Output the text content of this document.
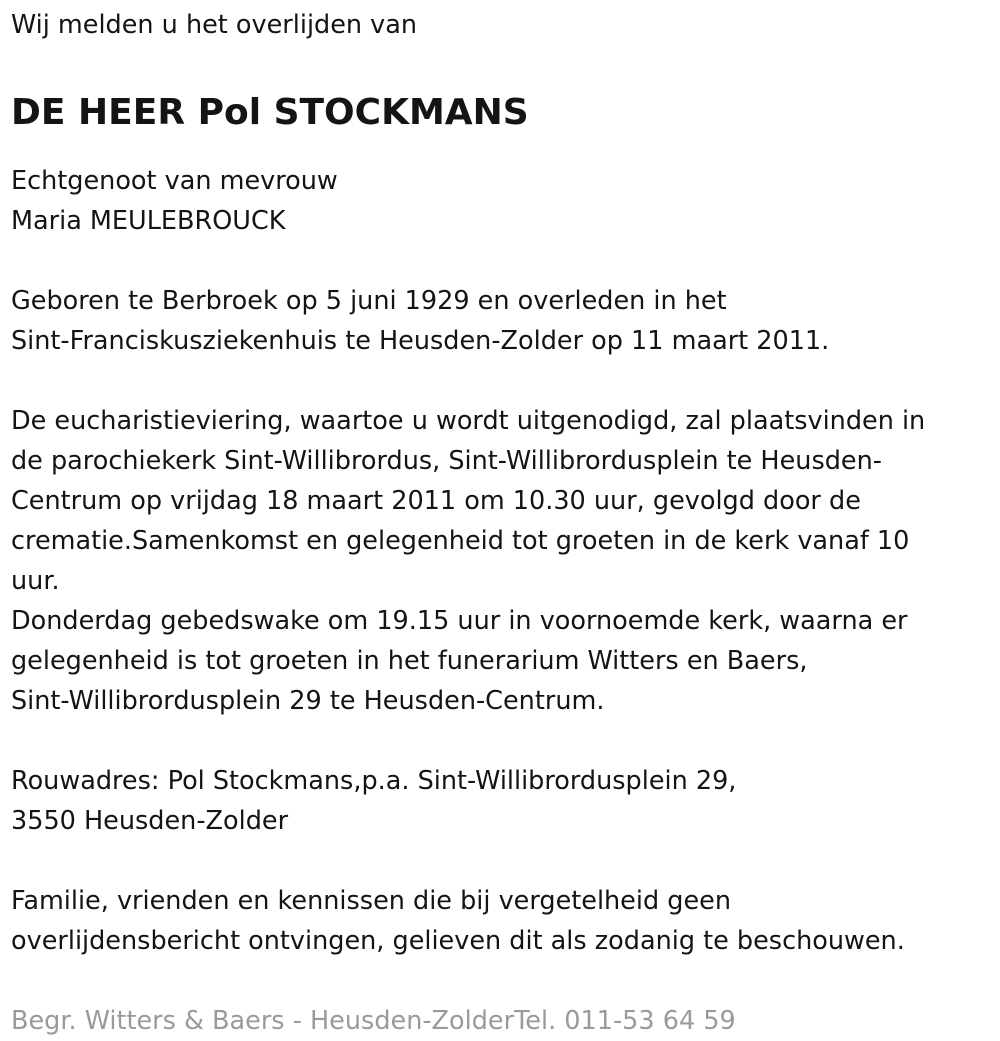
Wij melden u het overlijden van

DE HEER Pol STOCKMANS

Echtgenoot van mevrouw

Maria MEULEBROUCK

Geboren te Berbroek op 5 juni 1929 en overleden in het

Sint-Franciskusziekenhuis te Heusden-Zolder op 11 maart 2011.

De eucharistieviering, waartoe u wordt uitgenodigd, zal plaatsvinden in

de parochiekerk Sint-Willibrordus, Sint-Willibrordusplein te Heusden-

Centrum op vrijdag 18 maart 2011 om 10.30 uur, gevolgd door de

crematie.Samenkomst en gelegenheid tot groeten in de kerk vanaf 10

uur.

Donderdag gebedswake om 19.15 uur in voornoemde kerk, waarna er

gelegenheid is tot groeten in het funerarium Witters en Baers,

Sint-Willibrordusplein 29 te Heusden-Centrum.

Rouwadres: Pol Stockmans,p.a. Sint-Willibrordusplein 29,

3550 Heusden-Zolder

Familie, vrienden en kennissen die bij vergetelheid geen

overlijdensbericht ontvingen, gelieven dit als zodanig te beschouwen.

Begr. Witters & Baers - Heusden-ZolderTel. 011-53 64 59
